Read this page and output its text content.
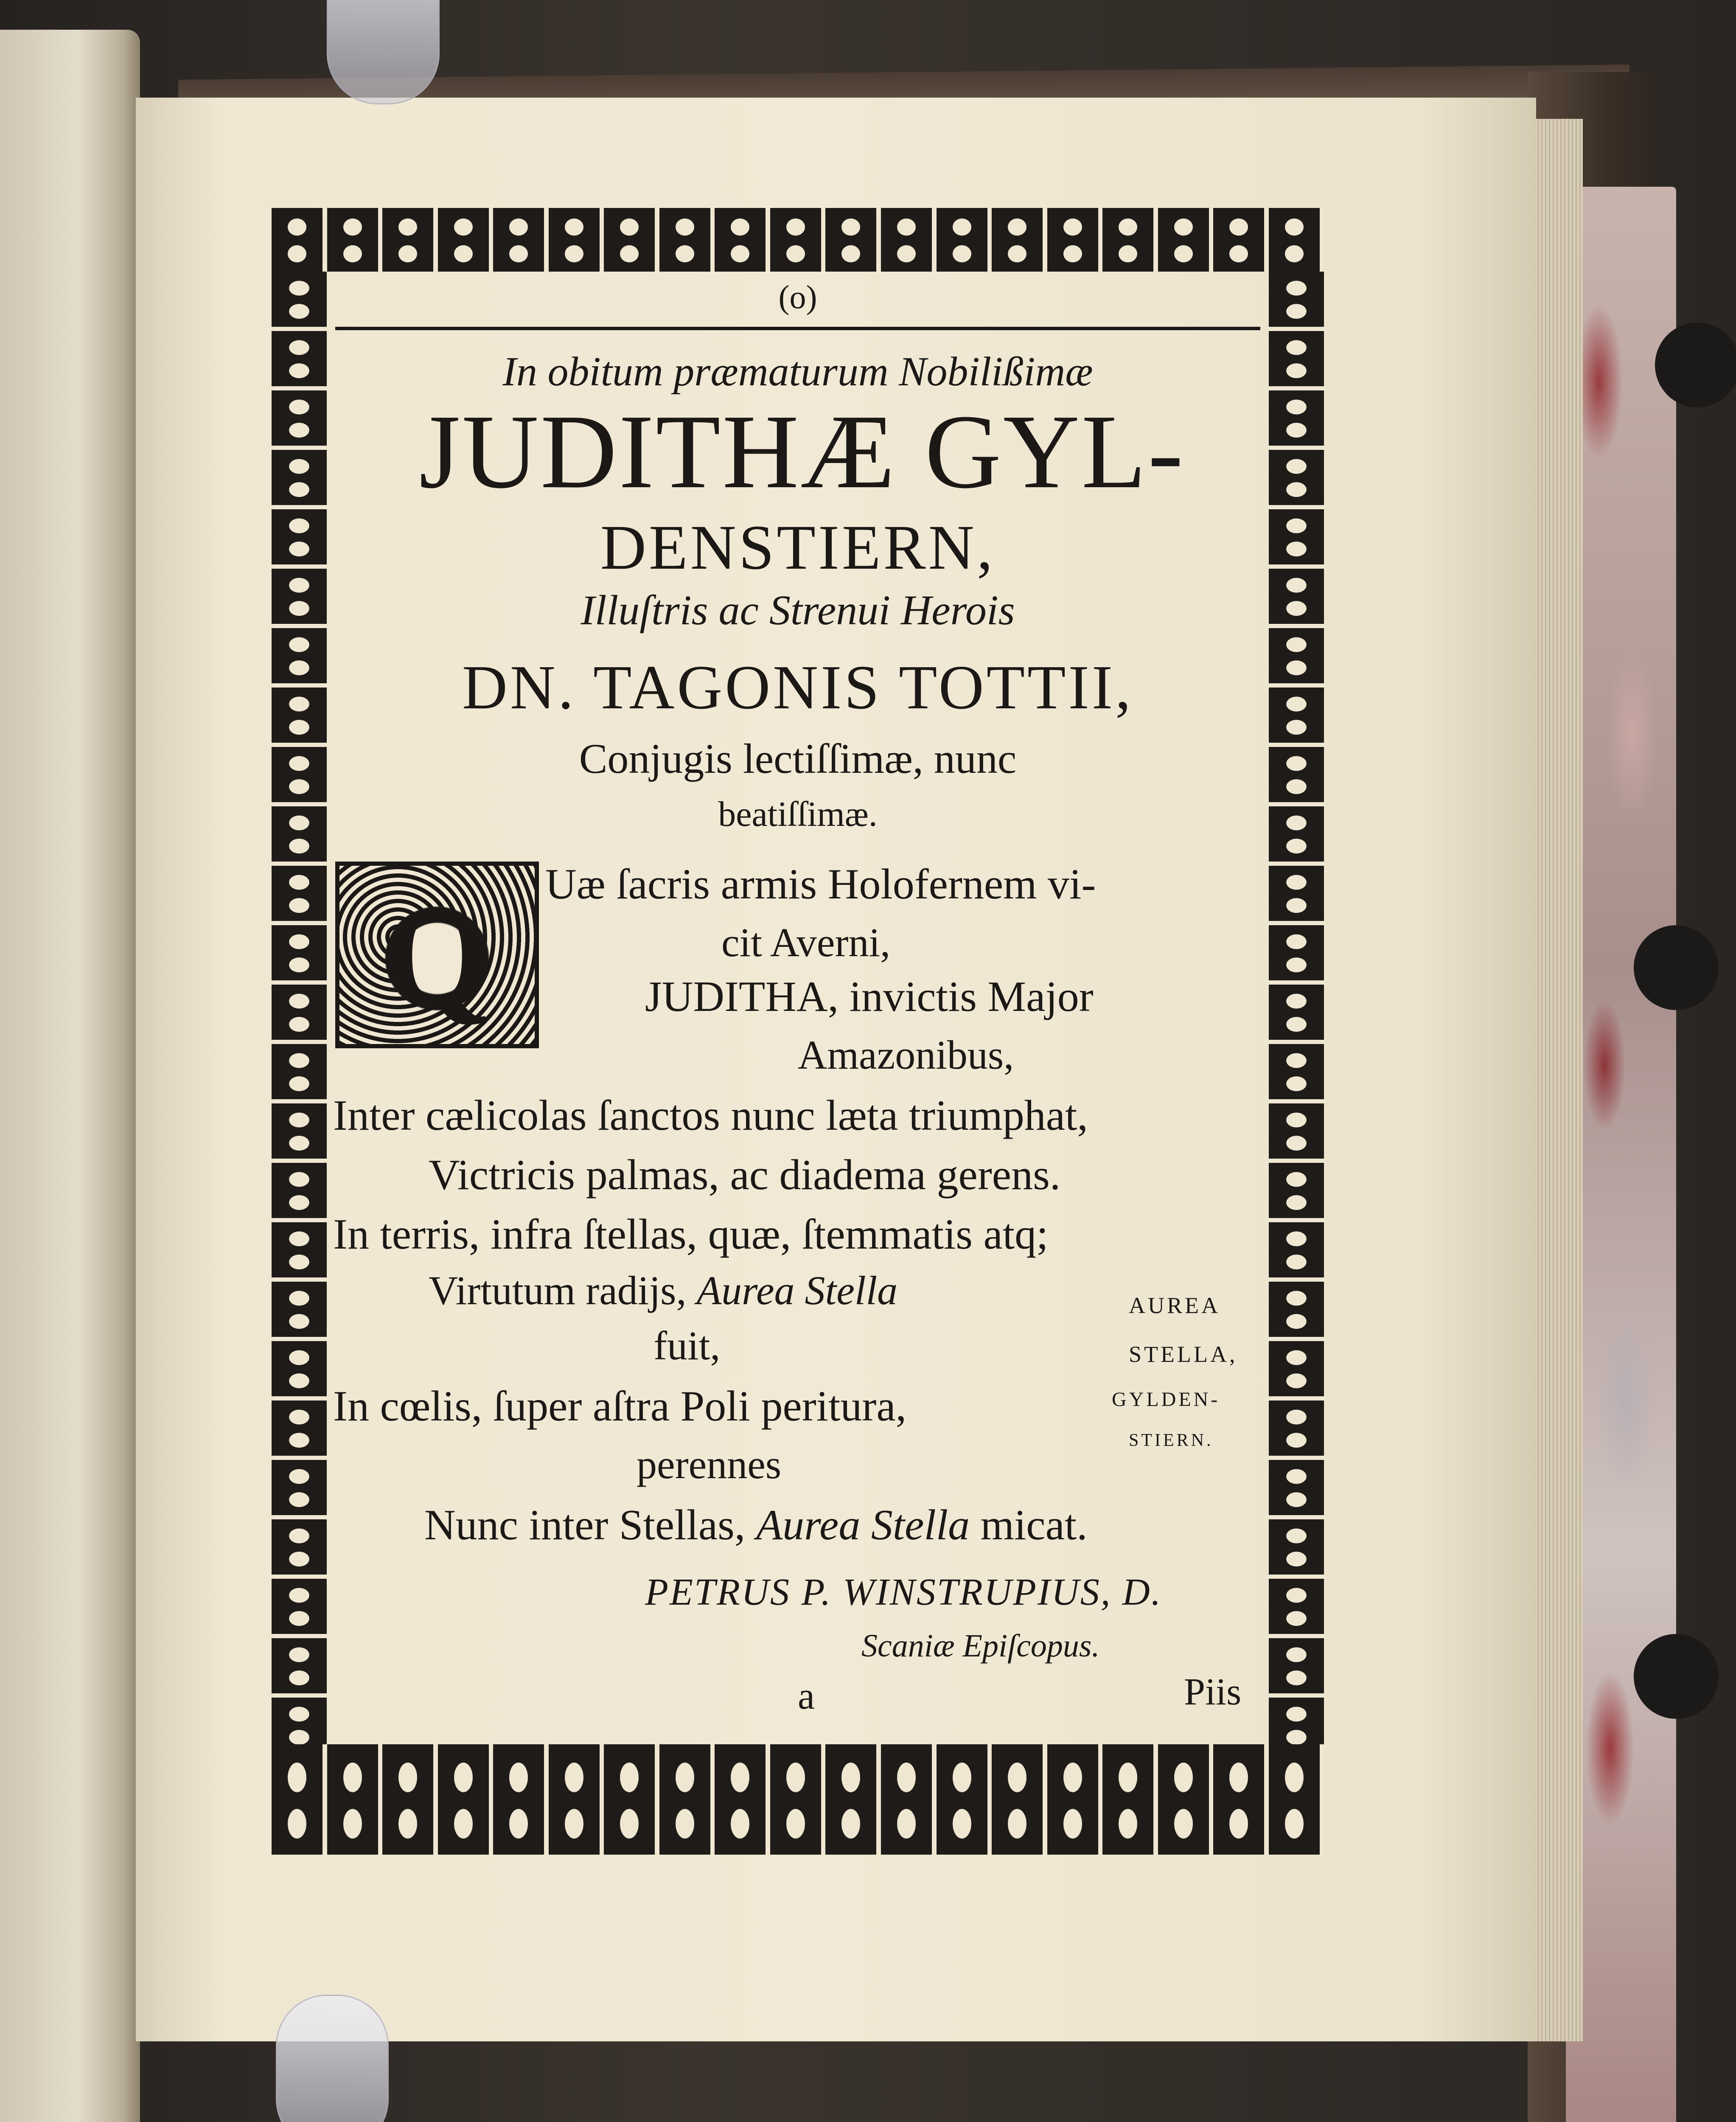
(o)
In obitum præmaturum Nobilißimæ
JUDITHÆ GYL-
DENSTIERN,
Illuſtris ac Strenui Herois
DN. TAGONIS TOTTII,
Conjugis lectiſſimæ, nunc
beatiſſimæ.
Q	Uæ ſacris armis Holofernem vi-
cit Averni,
JUDITHA, invictis Major
Amazonibus,
Inter cælicolas ſanctos nunc læta triumphat,
Victricis palmas, ac diadema gerens.
In terris, infra ſtellas, quæ, ſtemmatis atq;
Virtutum radijs, Aurea Stella
fuit,
In cœlis, ſuper aſtra Poli peritura,
perennes
Nunc inter Stellas, Aurea Stella micat.
AUREA
STELLA,
GYLDEN-
STIERN.
PETRUS P. WINSTRUPIUS, D.
Scaniæ Epiſcopus.
a	Piis
